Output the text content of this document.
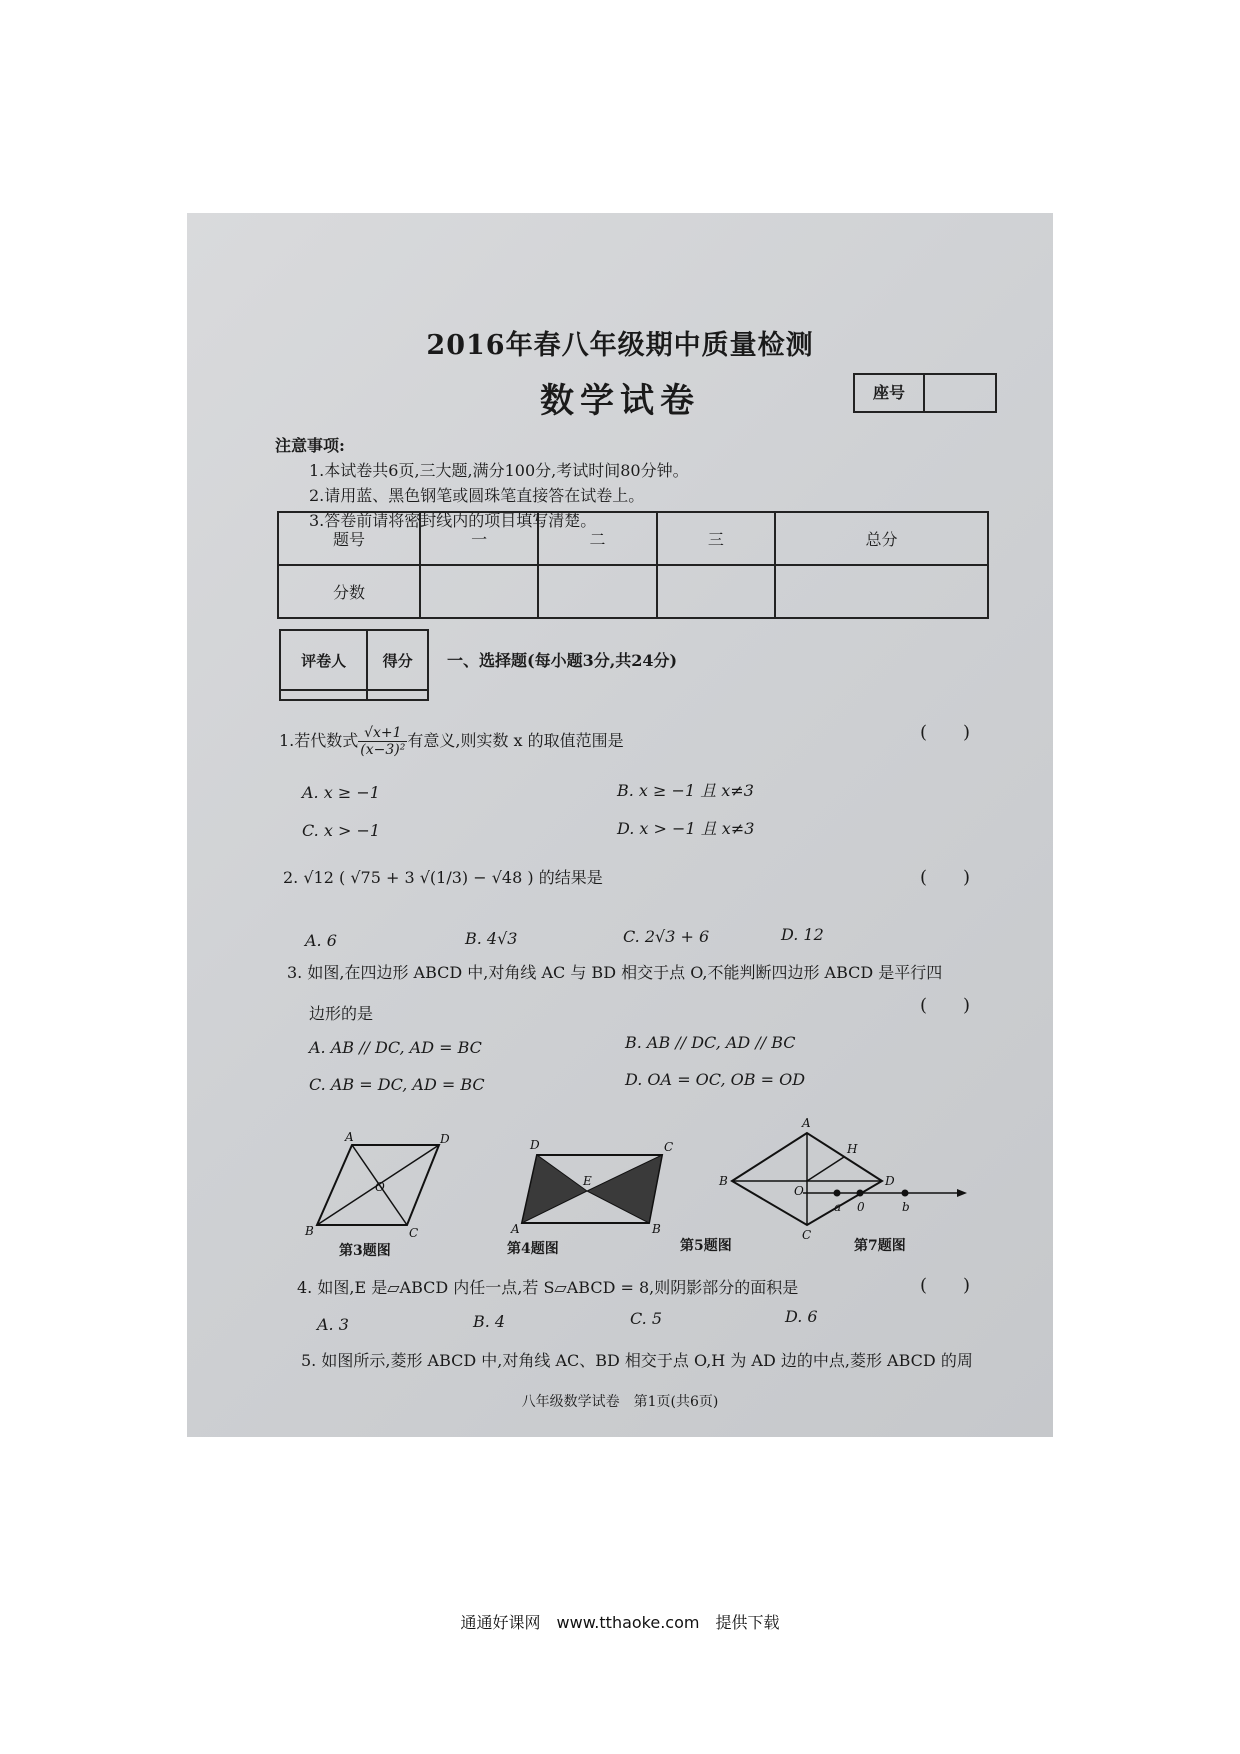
2016年春八年级期中质量检测
数学试卷	座号
注意事项:
1.本试卷共6页,三大题,满分100分,考试时间80分钟。
2.请用蓝、黑色钢笔或圆珠笔直接答在试卷上。
3.答卷前请将密封线内的项目填写清楚。
题号	一	二	三	总分
分数				
评卷人	得分
	一、选择题(每小题3分,共24分)
1.若代数式 $\frac{√x+1}{\text{(x−3)²}}$ 有意义,则实数 x 的取值范围是	(　　)
A. x ≥ −1	B. x ≥ −1 且 x≠3
C. x > −1	D. x > −1 且 x≠3
2. √12 ( √75 + 3 √(1/3) − √48 ) 的结果是	(　　)
A. 6	B. 4√3	C. 2√3 + 6	D. 12
3. 如图,在四边形 ABCD 中,对角线 AC 与 BD 相交于点 O,不能判断四边形 ABCD 是平行四
(　　)
边形的是
A. AB // DC, AD = BC	B. AB // DC, AD // BC
C. AB = DC, AD = BC	D. OA = OC, OB = OD
A	D
O
B	C
D	C
E
A	B
A
H
B	D
O
C
a 0	b
第3题图	第4题图	第5题图	第7题图
4. 如图,E 是▱ABCD 内任一点,若 S▱ABCD = 8,则阴影部分的面积是	(　　)
A. 3	B. 4	C. 5	D. 6
5. 如图所示,菱形 ABCD 中,对角线 AC、BD 相交于点 O,H 为 AD 边的中点,菱形 ABCD 的周
八年级数学试卷　第1页(共6页)
通通好课网　www.tthaoke.com　提供下载
